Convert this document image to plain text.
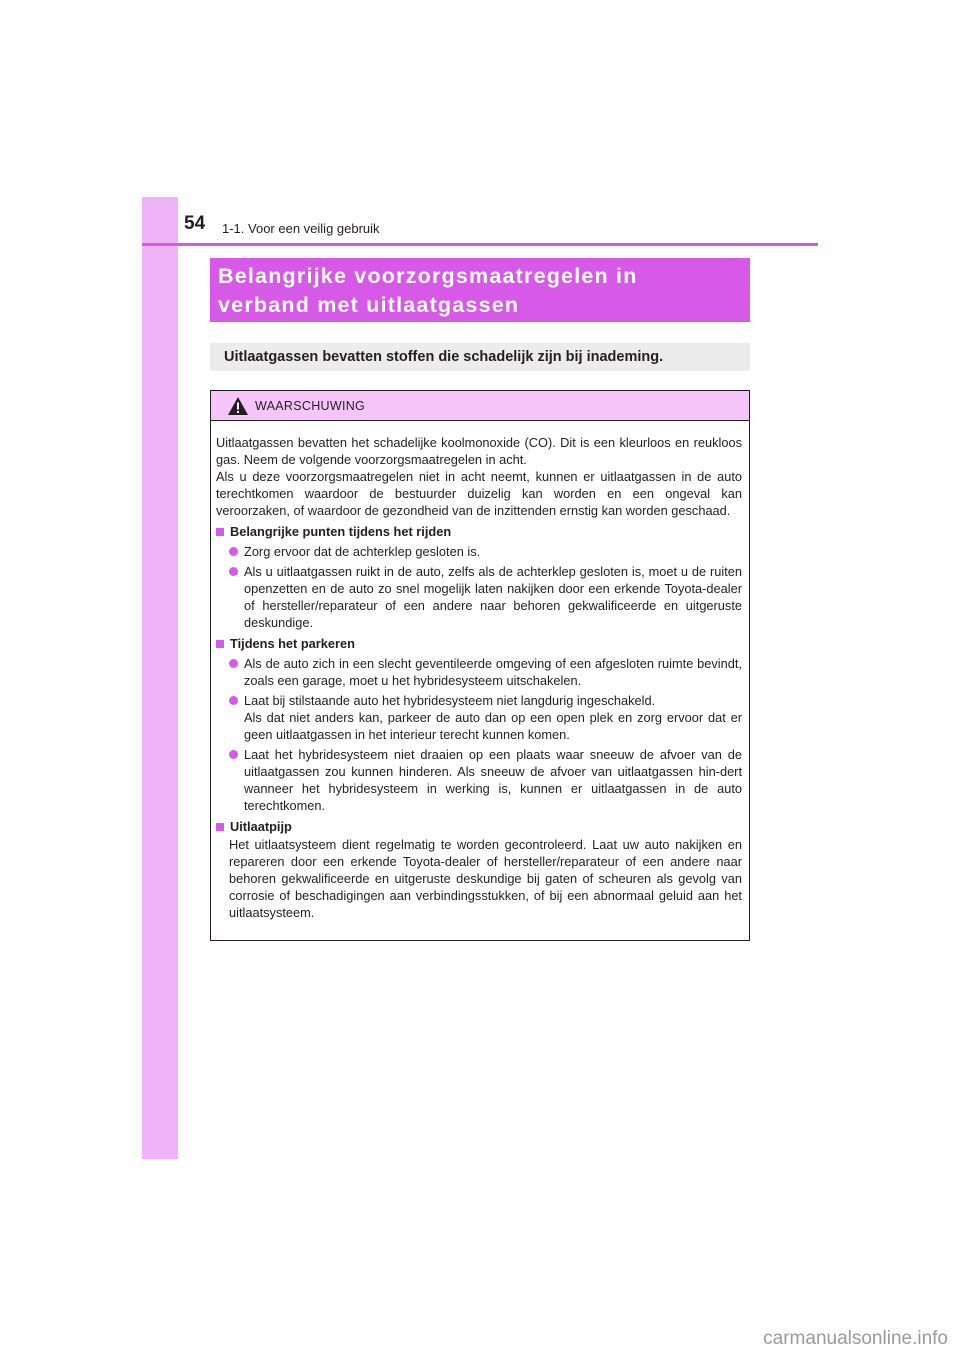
54 1-1. Voor een veilig gebruik
Belangrijke voorzorgsmaatregelen in
verband met uitlaatgassen
Uitlaatgassen bevatten stoffen die schadelijk zijn bij inademing.
WAARSCHUWING

Uitlaatgassen bevatten het schadelijke koolmonoxide (CO). Dit is een kleurloos en reukloos gas. Neem de volgende voorzorgsmaatregelen in acht.
Als u deze voorzorgsmaatregelen niet in acht neemt, kunnen er uitlaatgassen in de auto terechtkomen waardoor de bestuurder duizelig kan worden en een ongeval kan veroorzaken, of waardoor de gezondheid van de inzittenden ernstig kan worden geschaad.

Belangrijke punten tijdens het rijden

Zorg ervoor dat de achterklep gesloten is.

Als u uitlaatgassen ruikt in de auto, zelfs als de achterklep gesloten is, moet u de ruiten openzetten en de auto zo snel mogelijk laten nakijken door een erkende Toyota-dealer of hersteller/reparateur of een andere naar behoren gekwalificeerde en uitgeruste deskundige.

Tijdens het parkeren

Als de auto zich in een slecht geventileerde omgeving of een afgesloten ruimte bevindt, zoals een garage, moet u het hybridesysteem uitschakelen.

Laat bij stilstaande auto het hybridesysteem niet langdurig ingeschakeld.

Als dat niet anders kan, parkeer de auto dan op een open plek en zorg ervoor dat er geen uitlaatgassen in het interieur terecht kunnen komen.

Laat het hybridesysteem niet draaien op een plaats waar sneeuw de afvoer van de uitlaatgassen zou kunnen hinderen. Als sneeuw de afvoer van uitlaatgassen hin-dert wanneer het hybridesysteem in werking is, kunnen er uitlaatgassen in de auto terechtkomen.

Uitlaatpijp
Het uitlaatsysteem dient regelmatig te worden gecontroleerd. Laat uw auto nakijken en repareren door een erkende Toyota-dealer of hersteller/reparateur of een andere naar behoren gekwalificeerde en uitgeruste deskundige bij gaten of scheuren als gevolg van corrosie of beschadigingen aan verbindingsstukken, of bij een abnormaal geluid aan het uitlaatsysteem.
carmanualsonline.info
